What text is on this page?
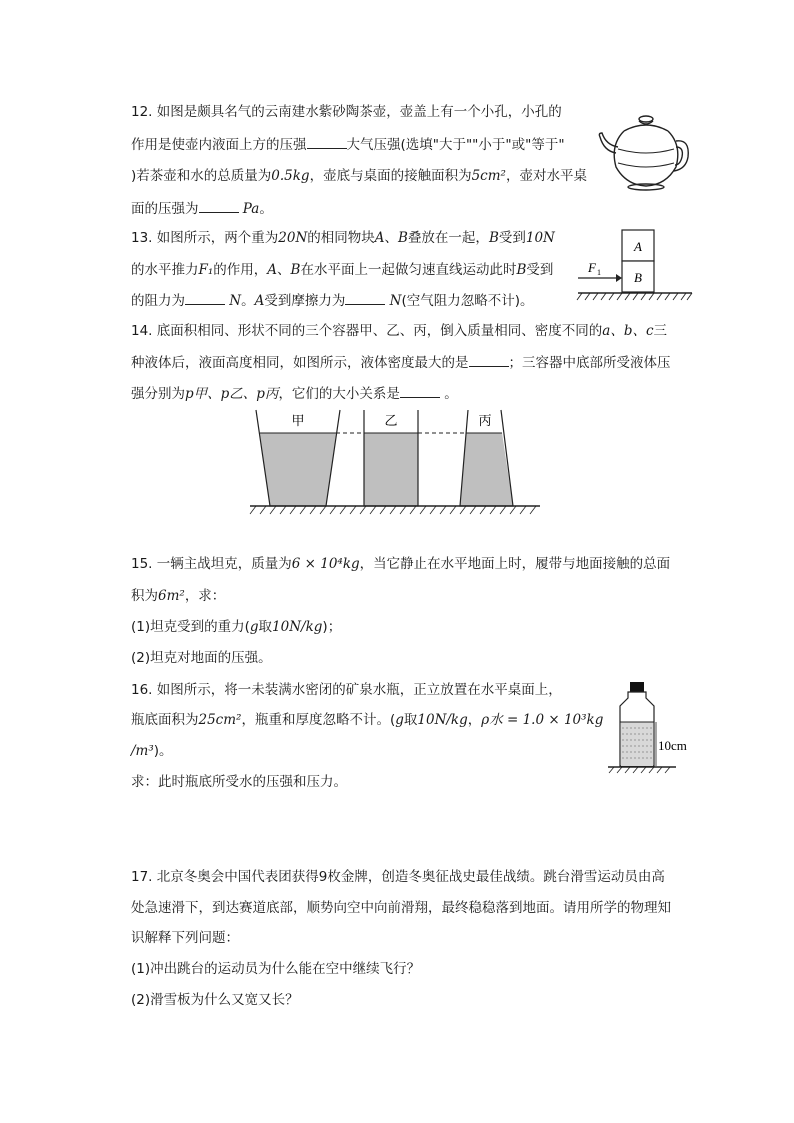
12. 如图是颇具名气的云南建水紫砂陶茶壶，壶盖上有一个小孔，小孔的
作用是使壶内液面上方的压强	大气压强(选填"大于""小于"或"等于"
)若茶壶和水的总质量为0.5kg，壶底与桌面的接触面积为5cm²，壶对水平桌
面的压强为	Pa。
13. 如图所示，两个重为20N的相同物块A、B叠放在一起，B受到10N
的水平推力F₁的作用，A、B在水平面上一起做匀速直线运动此时B受到
的阻力为	N。A受到摩擦力为	N(空气阻力忽略不计)。
A
B
F 1
14. 底面积相同、形状不同的三个容器甲、乙、丙，倒入质量相同、密度不同的a、b、c三
种液体后，液面高度相同，如图所示，液体密度最大的是	；三容器中底部所受液体压
强分别为p甲、p乙、p丙，它们的大小关系是	。
甲	乙	丙
15. 一辆主战坦克，质量为6 × 10⁴kg，当它静止在水平地面上时，履带与地面接触的总面
积为6m²，求：
(1)坦克受到的重力(g取10N/kg)；
(2)坦克对地面的压强。
16. 如图所示，将一未装满水密闭的矿泉水瓶，正立放置在水平桌面上，
瓶底面积为25cm²，瓶重和厚度忽略不计。(g取10N/kg，ρ水 = 1.0 × 10³kg
/m³)。
求：此时瓶底所受水的压强和压力。
10cm
17. 北京冬奥会中国代表团获得9枚金牌，创造冬奥征战史最佳战绩。跳台滑雪运动员由高
处急速滑下，到达赛道底部，顺势向空中向前滑翔，最终稳稳落到地面。请用所学的物理知
识解释下列问题：
(1)冲出跳台的运动员为什么能在空中继续飞行？
(2)滑雪板为什么又宽又长？
